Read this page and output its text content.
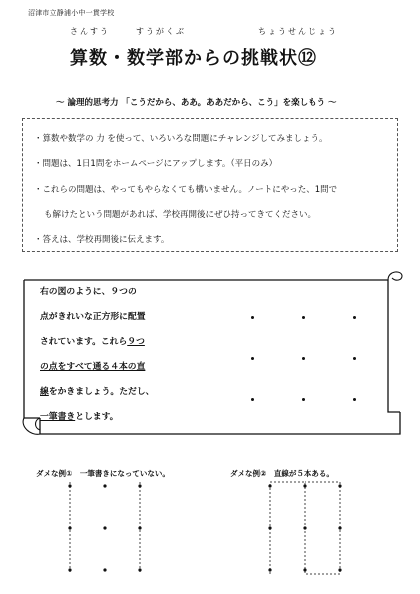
沼津市立静浦小中一貫学校
さんすう	すうがくぶ	ちょうせんじょう
算数・数学部からの挑戦状⑫
～ 論理的思考力 「こうだから、ああ。ああだから、こう」を楽しもう ～
・算数や数学の 力 を使って、いろいろな問題にチャレンジしてみましょう。
・問題は、1日1問をホームページにアップします。（平日のみ）
・これらの問題は、やってもやらなくても構いません。ノートにやった、1問で
も解けたという問題があれば、学校再開後にぜひ持ってきてください。
・答えは、学校再開後に伝えます。
右の図のように、９つの
点がきれいな正方形に配置
されています。これら９つ
の点をすべて通る４本の直
線をかきましょう。ただし、
一筆書きとします。
ダメな例①　一筆書きになっていない。	ダメな例②　直線が５本ある。
